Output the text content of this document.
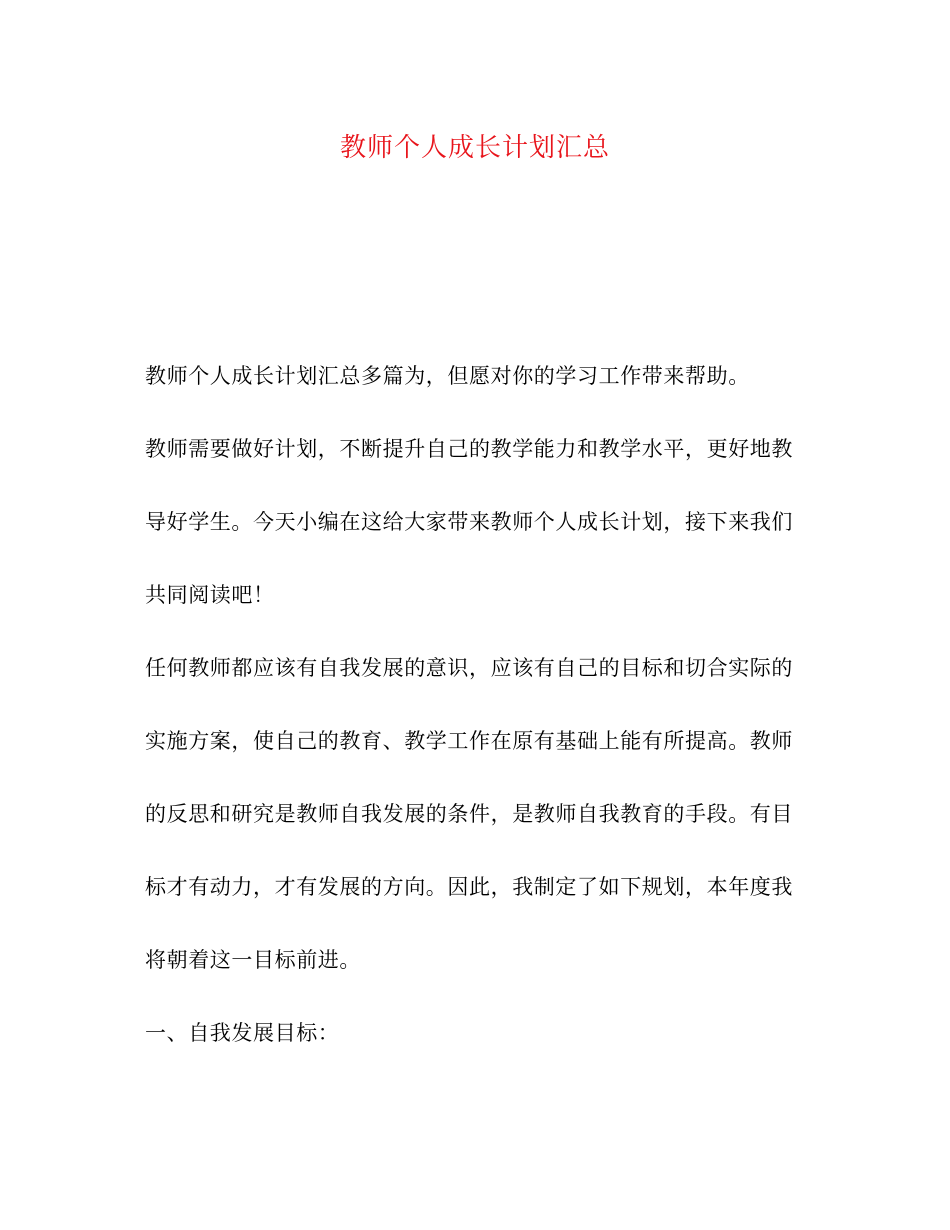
教师个人成长计划汇总
教师个人成长计划汇总多篇为，但愿对你的学习工作带来帮助。
教师需要做好计划，不断提升自己的教学能力和教学水平，更好地教
导好学生。今天小编在这给大家带来教师个人成长计划，接下来我们
共同阅读吧！
任何教师都应该有自我发展的意识，应该有自己的目标和切合实际的
实施方案，使自己的教育、教学工作在原有基础上能有所提高。教师
的反思和研究是教师自我发展的条件，是教师自我教育的手段。有目
标才有动力，才有发展的方向。因此，我制定了如下规划，本年度我
将朝着这一目标前进。
一、自我发展目标：
